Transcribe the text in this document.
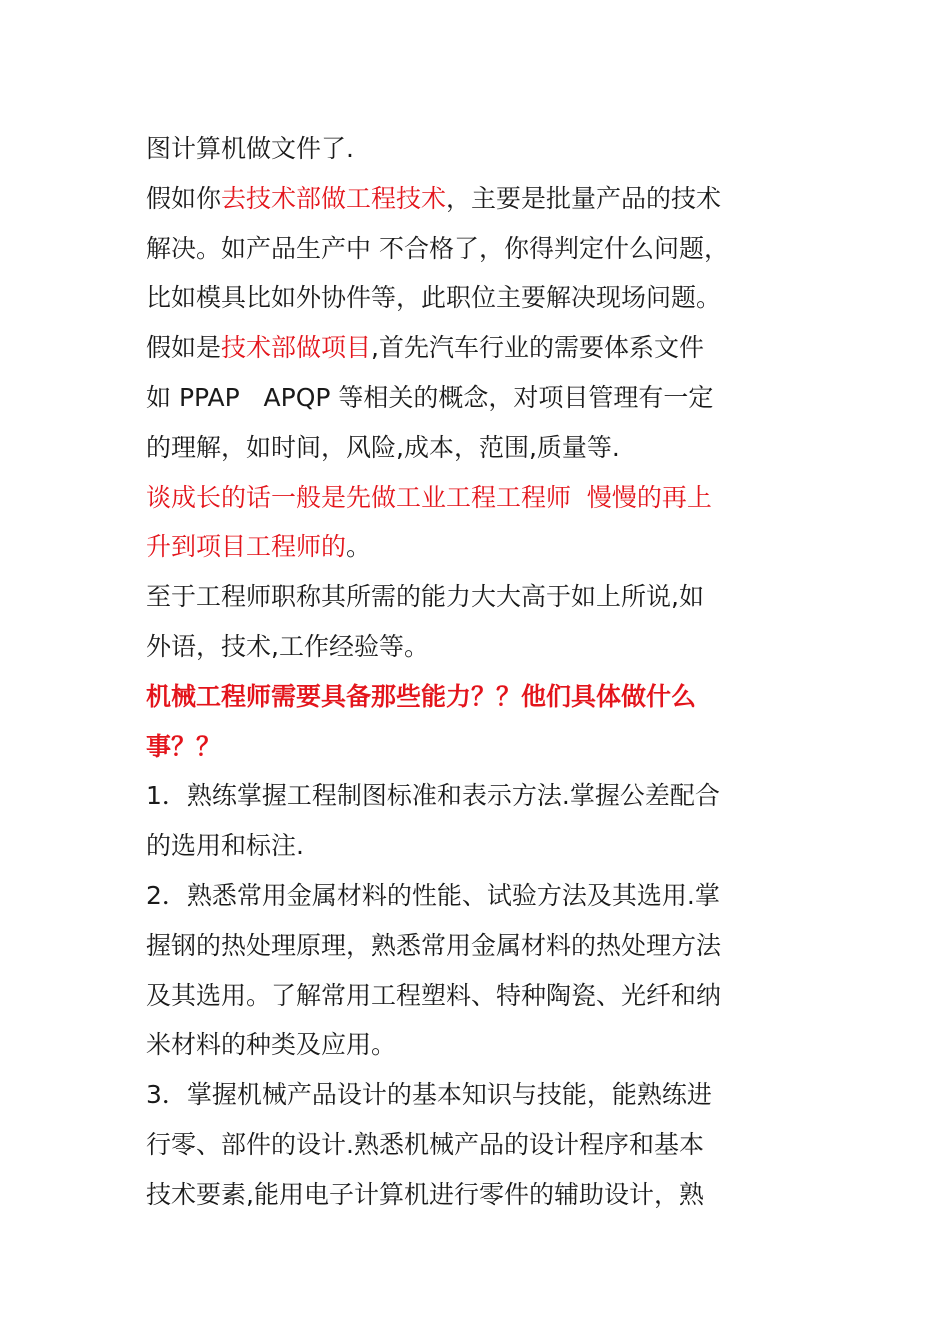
图计算机做文件了.
假如你去技术部做工程技术，主要是批量产品的技术
解决。如产品生产中 不合格了，你得判定什么问题，
比如模具比如外协件等，此职位主要解决现场问题。
假如是技术部做项目,首先汽车行业的需要体系文件
如 PPAP   APQP 等相关的概念，对项目管理有一定
的理解，如时间，风险,成本，范围,质量等.
谈成长的话一般是先做工业工程工程师  慢慢的再上
升到项目工程师的。
至于工程师职称其所需的能力大大高于如上所说,如
外语，技术,工作经验等。
机械工程师需要具备那些能力？？他们具体做什么
事？？
1．熟练掌握工程制图标准和表示方法.掌握公差配合
的选用和标注.
2．熟悉常用金属材料的性能、试验方法及其选用.掌
握钢的热处理原理，熟悉常用金属材料的热处理方法
及其选用。了解常用工程塑料、特种陶瓷、光纤和纳
米材料的种类及应用。
3．掌握机械产品设计的基本知识与技能，能熟练进
行零、部件的设计.熟悉机械产品的设计程序和基本
技术要素,能用电子计算机进行零件的辅助设计，熟
